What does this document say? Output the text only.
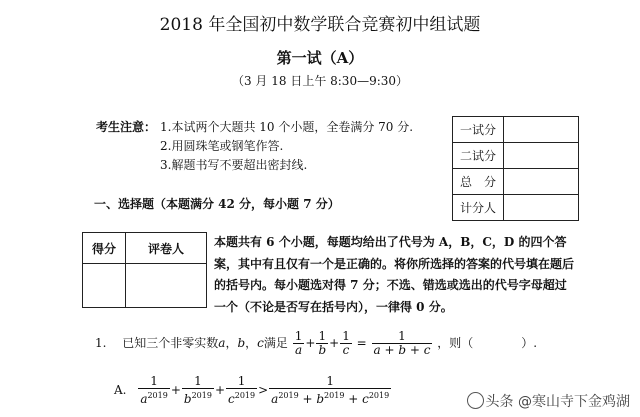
2018 年全国初中数学联合竞赛初中组试题
第一试（A）
（3 月 18 日上午 8:30—9:30）
考生注意： 1.本试两个大题共 10 个小题，全卷满分 70 分.
2.用圆珠笔或钢笔作答.
3.解题书写不要超出密封线.
一试分	
二试分	
总　分	
计分人	
一、选择题（本题满分 42 分，每小题 7 分）
得分	评卷人
		本题共有 6 个小题，每题均给出了代号为 A，B，C，D 的四个答案，其中有且仅有一个是正确的。将你所选择的答案的代号填在题后的括号内。每小题选对得 7 分；不选、错选或选出的代号字母超过一个（不论是否写在括号内），一律得 0 分。
1. 已知三个非零实数a，b，c满足 $\frac{1}{a} + \frac{1}{b} + \frac{1}{c} = \frac{1}{a + b + c}$ ，则（　　　　）.
A. $\frac{1}{a^{2019}} + \frac{1}{b^{2019}} + \frac{1}{c^{2019}} > \frac{1}{a^{2019} + b^{2019} + c^{2019}}$	头条 @寒山寺下金鸡湖
